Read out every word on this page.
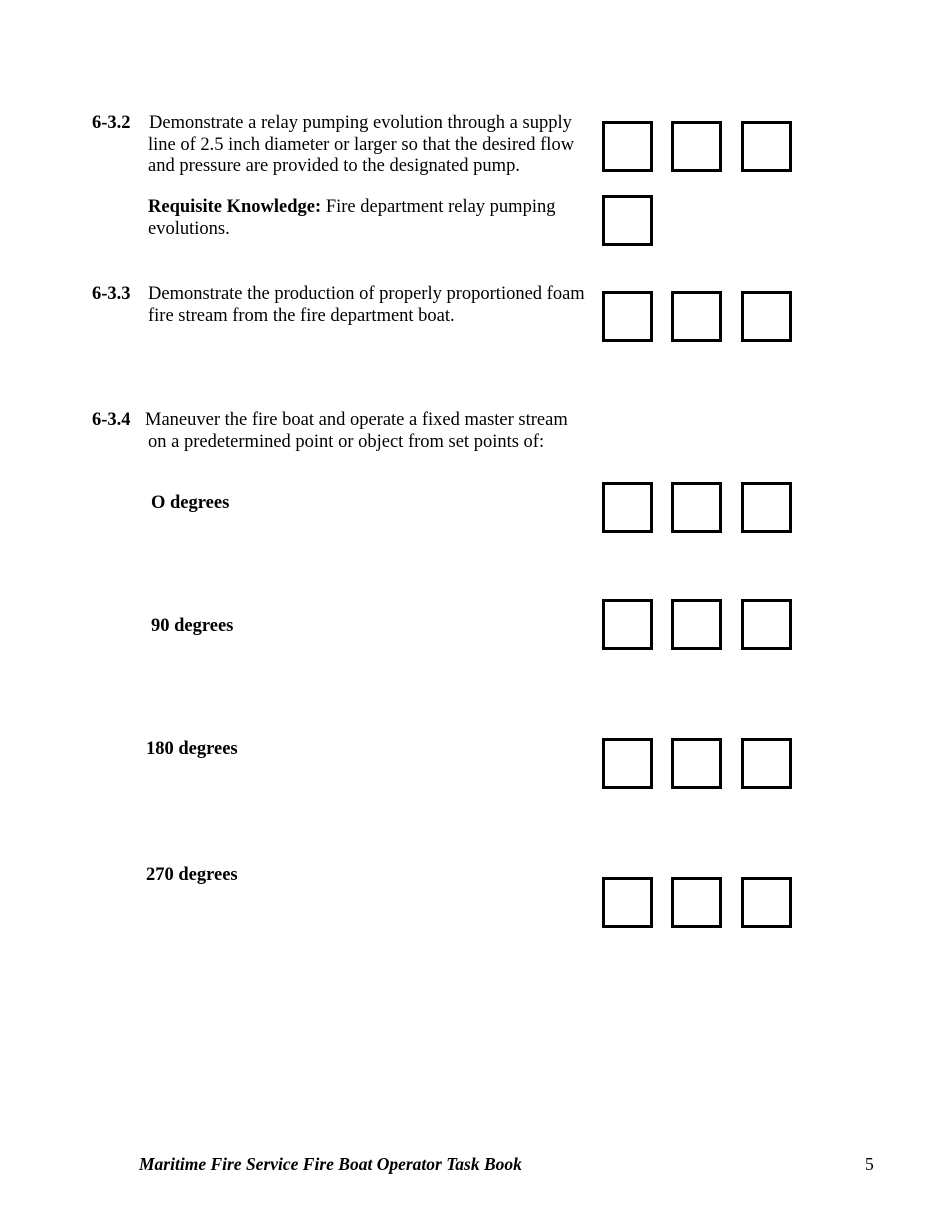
6-3.2 Demonstrate a relay pumping evolution through a supply line of 2.5 inch diameter or larger so that the desired flow and pressure are provided to the designated pump.
Requisite Knowledge: Fire department relay pumping evolutions.
6-3.3 Demonstrate the production of properly proportioned foam fire stream from the fire department boat.
6-3.4 Maneuver the fire boat and operate a fixed master stream on a predetermined point or object from set points of:
O degrees
90 degrees
180 degrees
270 degrees
Maritime Fire Service Fire Boat Operator Task Book	5
